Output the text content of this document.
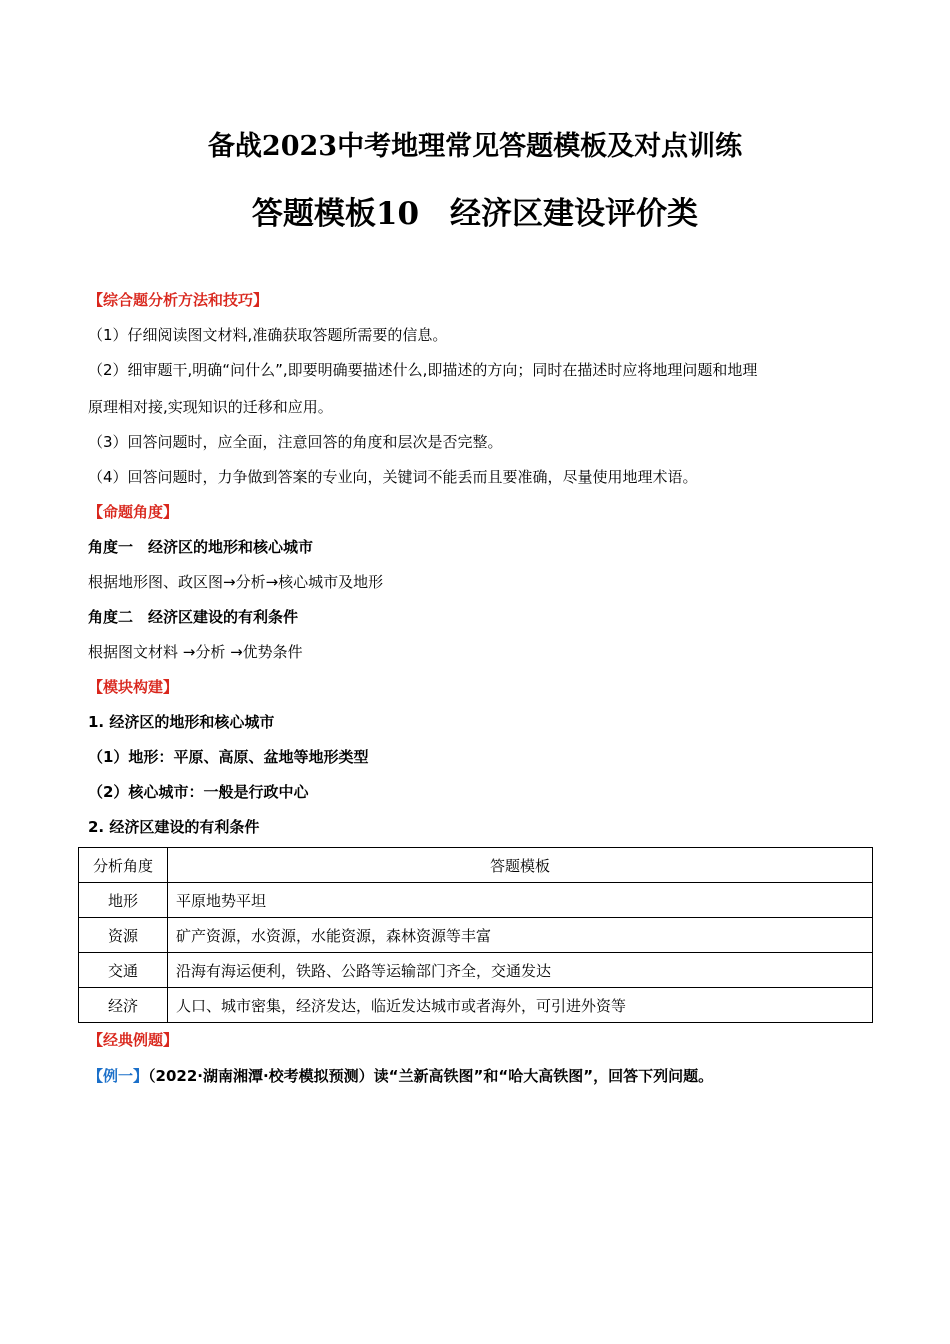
备战2023中考地理常见答题模板及对点训练
答题模板10　经济区建设评价类
【综合题分析方法和技巧】
（1）仔细阅读图文材料,准确获取答题所需要的信息。
（2）细审题干,明确“问什么”,即要明确要描述什么,即描述的方向；同时在描述时应将地理问题和地理
原理相对接,实现知识的迁移和应用。
（3）回答问题时，应全面，注意回答的角度和层次是否完整。
（4）回答问题时，力争做到答案的专业向，关键词不能丢而且要准确，尽量使用地理术语。
【命题角度】
角度一　经济区的地形和核心城市
根据地形图、政区图→分析→核心城市及地形
角度二　经济区建设的有利条件
根据图文材料 →分析 →优势条件
【模块构建】
1. 经济区的地形和核心城市
（1）地形：平原、高原、盆地等地形类型
（2）核心城市：一般是行政中心
2. 经济区建设的有利条件
分析角度	答题模板
地形	平原地势平坦
资源	矿产资源，水资源，水能资源，森林资源等丰富
交通	沿海有海运便利，铁路、公路等运输部门齐全，交通发达
经济	人口、城市密集，经济发达，临近发达城市或者海外，可引进外资等
【经典例题】
【例一】（2022·湖南湘潭·校考模拟预测）读“兰新高铁图”和“哈大高铁图”，回答下列问题。
